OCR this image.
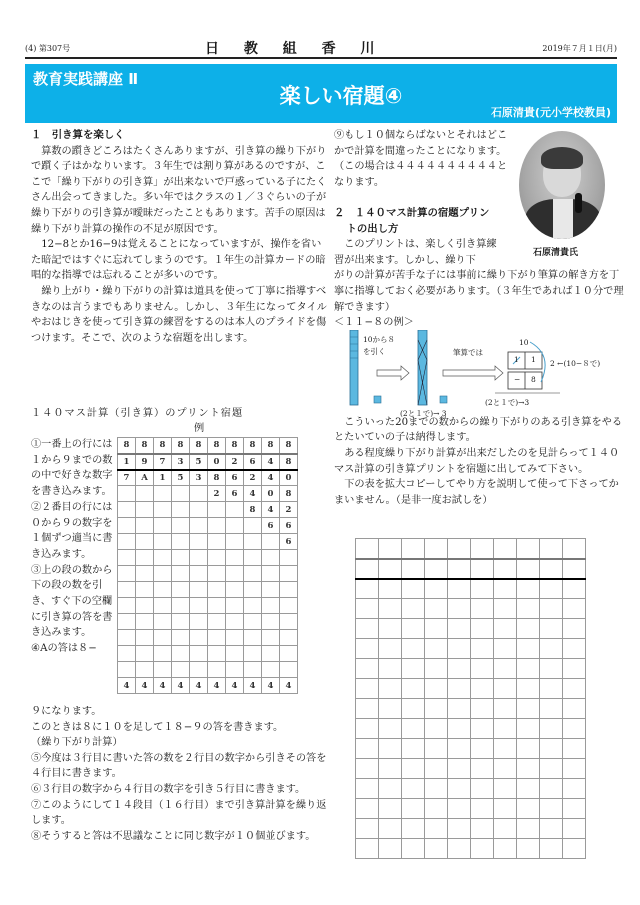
(4) 第307号	日 教 組 香 川	2019年７月１日(月)
教育実践講座 Ⅱ
楽しい宿題④
石原清貴(元小学校教員)
１　引き算を楽しく

算数の躓きどころはたくさんありますが、引き算の繰り下がりで躓く子はかなりいます。３年生では割り算があるのですが、ここで「繰り下がりの引き算」が出来ないで戸惑っている子にたくさん出会ってきました。多い年ではクラスの１／３ぐらいの子が繰り下がりの引き算が曖昧だったこともあります。苦手の原因は繰り下がり計算の操作の不足が原因です。

12−8とか16−9は覚えることになっていますが、操作を省いた暗記ではすぐに忘れてしまうのです。１年生の計算カードの暗唱的な指導では忘れることが多いのです。

繰り上がり・繰り下がりの計算は道具を使って丁寧に指導すべきなのは言うまでもありません。しかし、３年生になってタイルやおはじきを使って引き算の練習をするのは本人のプライドを傷つけます。そこで、次のような宿題を出します。

１４０マス計算（引き算）のプリント宿題
例
①一番上の行には１から９までの数の中で好きな数字を書き込みます。
②２番目の行には０から９の数字を１個ずつ適当に書き込みます。
③上の段の数から下の段の数を引き、すぐ下の空欄に引き算の答を書き込みます。
④Aの答は８−
8	8	8	8	8	8	8	8	8	8
1	9	7	3	5	0	2	6	4	8
7	A	1	5	3	8	6	2	4	0
					2	6	4	0	8
							8	4	2
								6	6
									6

4	4	4	4	4	4	4	4	4	4
９になります。
このときは８に１０を足して１８−９の答を書きます。
（繰り下がり計算）
⑤今度は３行目に書いた答の数を２行目の数字から引きその答を４行目に書きます。
⑥３行目の数字から４行目の数字を引き５行目に書きます。
⑦このようにして１４段目（１６行目）まで引き算計算を繰り返します。
⑧そうすると答は不思議なことに同じ数字が１０個並びます。

⑨もし１０個ならばないとそれはどこかで計算を間違ったことになります。（この場合は４４４４４４４４４４となります。

２　１４０マス計算の宿題プリン
トの出し方

このプリントは、楽しく引き算練習が出来ます。しかし、繰り下

がりの計算が苦手な子には事前に繰り下がり筆算の解き方を丁寧に指導しておく必要があります。（３年生であれば１０分で理解できます）

＜１１−８の例＞

こういった20までの数からの繰り下がりのある引き算をやるとたいていの子は納得します。

ある程度繰り下がり計算が出来だしたのを見計らって１４０マス計算の引き算プリントを宿題に出してみて下さい。

下の表を拡大コピーしてやり方を説明して使って下さってかまいません。（是非一度お試しを）

石原清貴氏
10から８
を引く	筆算では
10
1 1
− 8
2 ←(10−８で)
(2と１で)→ 3
(2と１で)→3
